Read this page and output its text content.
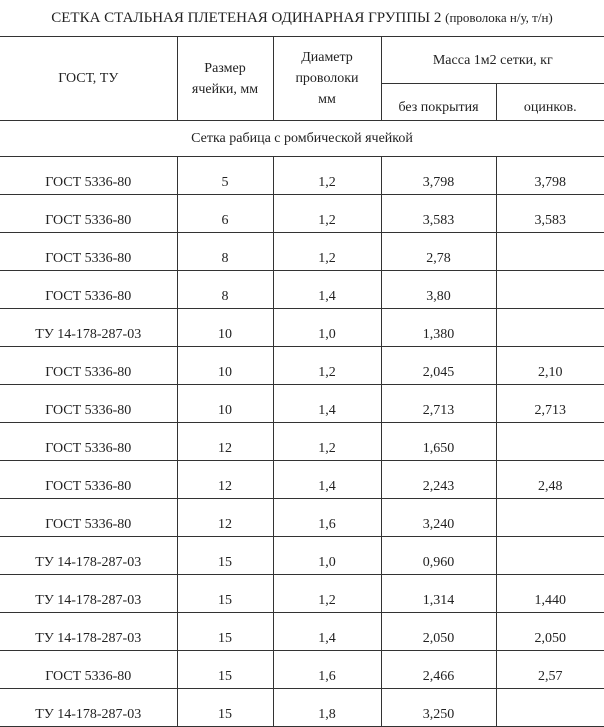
СЕТКА СТАЛЬНАЯ ПЛЕТЕНАЯ ОДИНАРНАЯ ГРУППЫ 2 (проволока н/у, т/н)
ГОСТ, ТУ	Размер ячейки, мм	Диаметр проволоки мм	Масса 1м2 сетки, кг	

			без покрытия	оцинков.
Сетка рабица с ромбической ячейкой				
ГОСТ 5336-80	5	1,2	3,798	3,798
ГОСТ 5336-80	6	1,2	3,583	3,583
ГОСТ 5336-80	8	1,2	2,78	
ГОСТ 5336-80	8	1,4	3,80	
ТУ 14-178-287-03	10	1,0	1,380	
ГОСТ 5336-80	10	1,2	2,045	2,10
ГОСТ 5336-80	10	1,4	2,713	2,713
ГОСТ 5336-80	12	1,2	1,650	
ГОСТ 5336-80	12	1,4	2,243	2,48
ГОСТ 5336-80	12	1,6	3,240	
ТУ 14-178-287-03	15	1,0	0,960	
ТУ 14-178-287-03	15	1,2	1,314	1,440
ТУ 14-178-287-03	15	1,4	2,050	2,050
ГОСТ 5336-80	15	1,6	2,466	2,57
ТУ 14-178-287-03	15	1,8	3,250	
